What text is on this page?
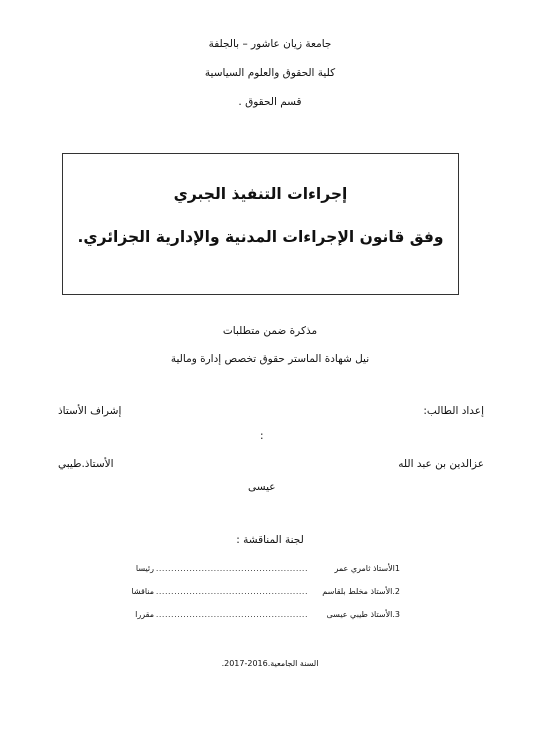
جامعة زيان عاشور – بالجلفة
كلية الحقوق والعلوم السياسية
قسم الحقوق .
إجراءات التنفيذ الجبري
وفق قانون الإجراءات المدنية والإدارية الجزائري.
مذكرة ضمن متطلبات
نيل شهادة الماستر حقوق تخصص إدارة ومالية
إعداد الطالب:
إشراف الأستاذ
:
عزالدين بن عبد الله
الأستاذ.طيبي
عيسى
لجنة المناقشة :
1الأستاذ ثامري عمر
..................................................
رئيسا
2.الأستاذ مخلط بلقاسم
..................................................
مناقشا
3.الأستاذ طيبي عيسى
..................................................
مقررا
السنة الجامعية.2016-2017.
